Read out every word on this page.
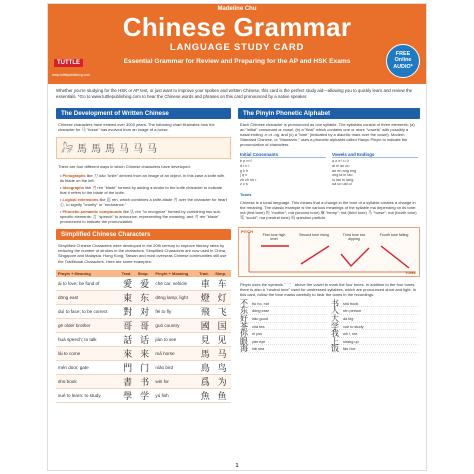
Madeline Chu
Chinese Grammar
LANGUAGE STUDY CARD
Essential Grammar for Review and Preparing for the AP and HSK Exams
TUTTLE
www.tuttlepublishing.com
FREE
Online
AUDIO*
Whether you're studying for the HSK or AP test, or just want to improve your spoken and written Chinese, this card is the perfect study aid—allowing you to quickly learn and review the essentials. *Go to www.tuttlepublishing.com to hear the Chinese words and phrases on this card pronounced by a native speaker.
The Development of Written Chinese
Chinese characters have existed over 3000 years. The following chart illustrates how the character for 马 "horse" has evolved from an image of a horse.
𓃗 馬 馬 馬 马 马 马
There are four different ways in which Chinese characters have developed:
• Pictographs like 刀 dāo "knife" derived from an image of an object. In this case a knife with its blade on the left.
• Ideographs like 刃 rèn "blade" formed by adding a stroke to the knife character to indicate that it refers to the blade of the knife.
• Logical extensions like 忍 rěn, which combines a knife-blade 刃 over the character for heart 心, to signify "cruelty" or "endurance."
• Phonetic-semantic compounds like 认 rèn "to recognize" formed by combining two sub-specific elements: 言 "speech" to announce, representing the meaning, and 刃 rèn "blade" pronounced to indicate the pronunciation.
Simplified Chinese Characters
Simplified Chinese Characters were developed in the 20th century to improve literacy rates by reducing the number of strokes in the characters. Simplified Characters are now used in China, Singapore and Malaysia. Hong Kong, Taiwan and most overseas Chinese communities still use the Traditional Characters. Here are some examples:
Pinyin + Meaning	Trad.	Simp.	Pinyin + Meaning	Trad.	Simp.
ài to love; be fond of	愛	爱	chē car, vehicle	車	车
dōng east	東	东	dēng lamp, light	燈	灯
duì to face; to be correct	對	对	fēi to fly	飛	飞
gē older brother	哥	哥	guó country	國	国
huà speech; to talk	話	话	jiàn to see	見	见
lái to come	來	来	mǎ horse	馬	马
mén door, gate	門	门	niǎo bird	鳥	鸟
shū book	書	书	wèi for	爲	为
xué to learn; to study	學	学	yú fish	魚	鱼
The Pinyin Phonetic Alphabet
Each Chinese character is pronounced as one syllable. The syllables consist of three elements: (a) an "initial" consonant or vowel, (b) a "final" which contains one or more "vowels" with possibly a nasal ending -n or -ng, and (c) a "tone" (indicated by a diacritic mark over the vowel). Modern Standard Chinese, or "Mandarin," uses a phonetic alphabet called Hanyu Pinyin to indicate the pronunciation of characters.
Initial Consonants
b p m f
d t n l
g k h
j q x
zh ch sh r
z c s
Vowels and Endings
a o e i u ü
ai ei ao ou
an en ang eng
ong ia ie iao
iu ian in iang
ua uo uai ui
Tones
Chinese is a tonal language. This means that a change in the tone of a syllable creates a change in the meaning. The classic example is the various meanings of the syllable ma depending on its tone: mā (first tone) 妈 "mother"; má (second tone) 麻 "hemp"; mǎ (third tone) 马 "horse"; mà (fourth tone) 骂 "scold"; ma (neutral tone) 吗 question particle.
PITCH
TONE
First tone high level
Second tone rising	Third tone low dipping
Fourth tone falling
Pinyin uses the symbols ¯ ´ ˇ ` above the vowel to mark the four tones. In addition to the four tones, there is also a "neutral tone" used for unstressed syllables, which are pronounced short and light. In this card, follow the tone marks carefully to hear the tones in the recordings.
不	bù no, not
东	dōng east
好	hǎo good
茶	chá tea
你	nǐ you
眼	yǎn eye
海	hǎi sea
书	shū book
人	rén person
大	dà big
学	xué to study
我	wǒ I, me
上	shàng up
饭	fàn rice
1
